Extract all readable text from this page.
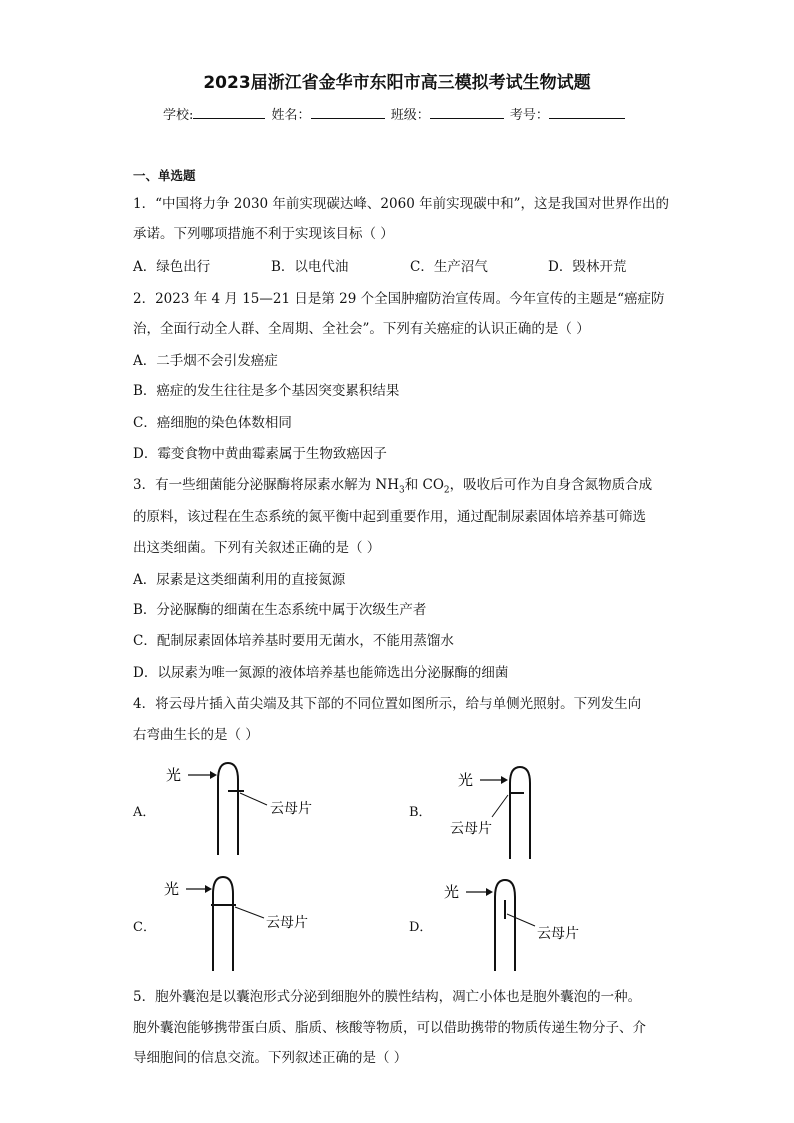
2023届浙江省金华市东阳市高三模拟考试生物试题
学校:	姓名：	班级：	考号：
一、单选题
1．“中国将力争 2030 年前实现碳达峰、2060 年前实现碳中和”，这是我国对世界作出的
承诺。下列哪项措施不利于实现该目标（ ）
A．绿色出行	B．以电代油	C．生产沼气	D．毁林开荒
2．2023 年 4 月 15—21 日是第 29 个全国肿瘤防治宣传周。今年宣传的主题是“癌症防
治，全面行动全人群、全周期、全社会”。下列有关癌症的认识正确的是（ ）
A．二手烟不会引发癌症
B．癌症的发生往往是多个基因突变累积结果
C．癌细胞的染色体数相同
D．霉变食物中黄曲霉素属于生物致癌因子
3．有一些细菌能分泌脲酶将尿素水解为 $NH_3$和 $CO_2$，吸收后可作为自身含氮物质合成
的原料，该过程在生态系统的氮平衡中起到重要作用，通过配制尿素固体培养基可筛选
出这类细菌。下列有关叙述正确的是（ ）
A．尿素是这类细菌利用的直接氮源
B．分泌脲酶的细菌在生态系统中属于次级生产者
C．配制尿素固体培养基时要用无菌水，不能用蒸馏水
D．以尿素为唯一氮源的液体培养基也能筛选出分泌脲酶的细菌
4．将云母片插入苗尖端及其下部的不同位置如图所示，给与单侧光照射。下列发生向
右弯曲生长的是（ ）
A．	B．
C．	D．
光
云母片
光
云母片
光
云母片
光
云母片
5．胞外囊泡是以囊泡形式分泌到细胞外的膜性结构，凋亡小体也是胞外囊泡的一种。
胞外囊泡能够携带蛋白质、脂质、核酸等物质，可以借助携带的物质传递生物分子、介
导细胞间的信息交流。下列叙述正确的是（ ）
